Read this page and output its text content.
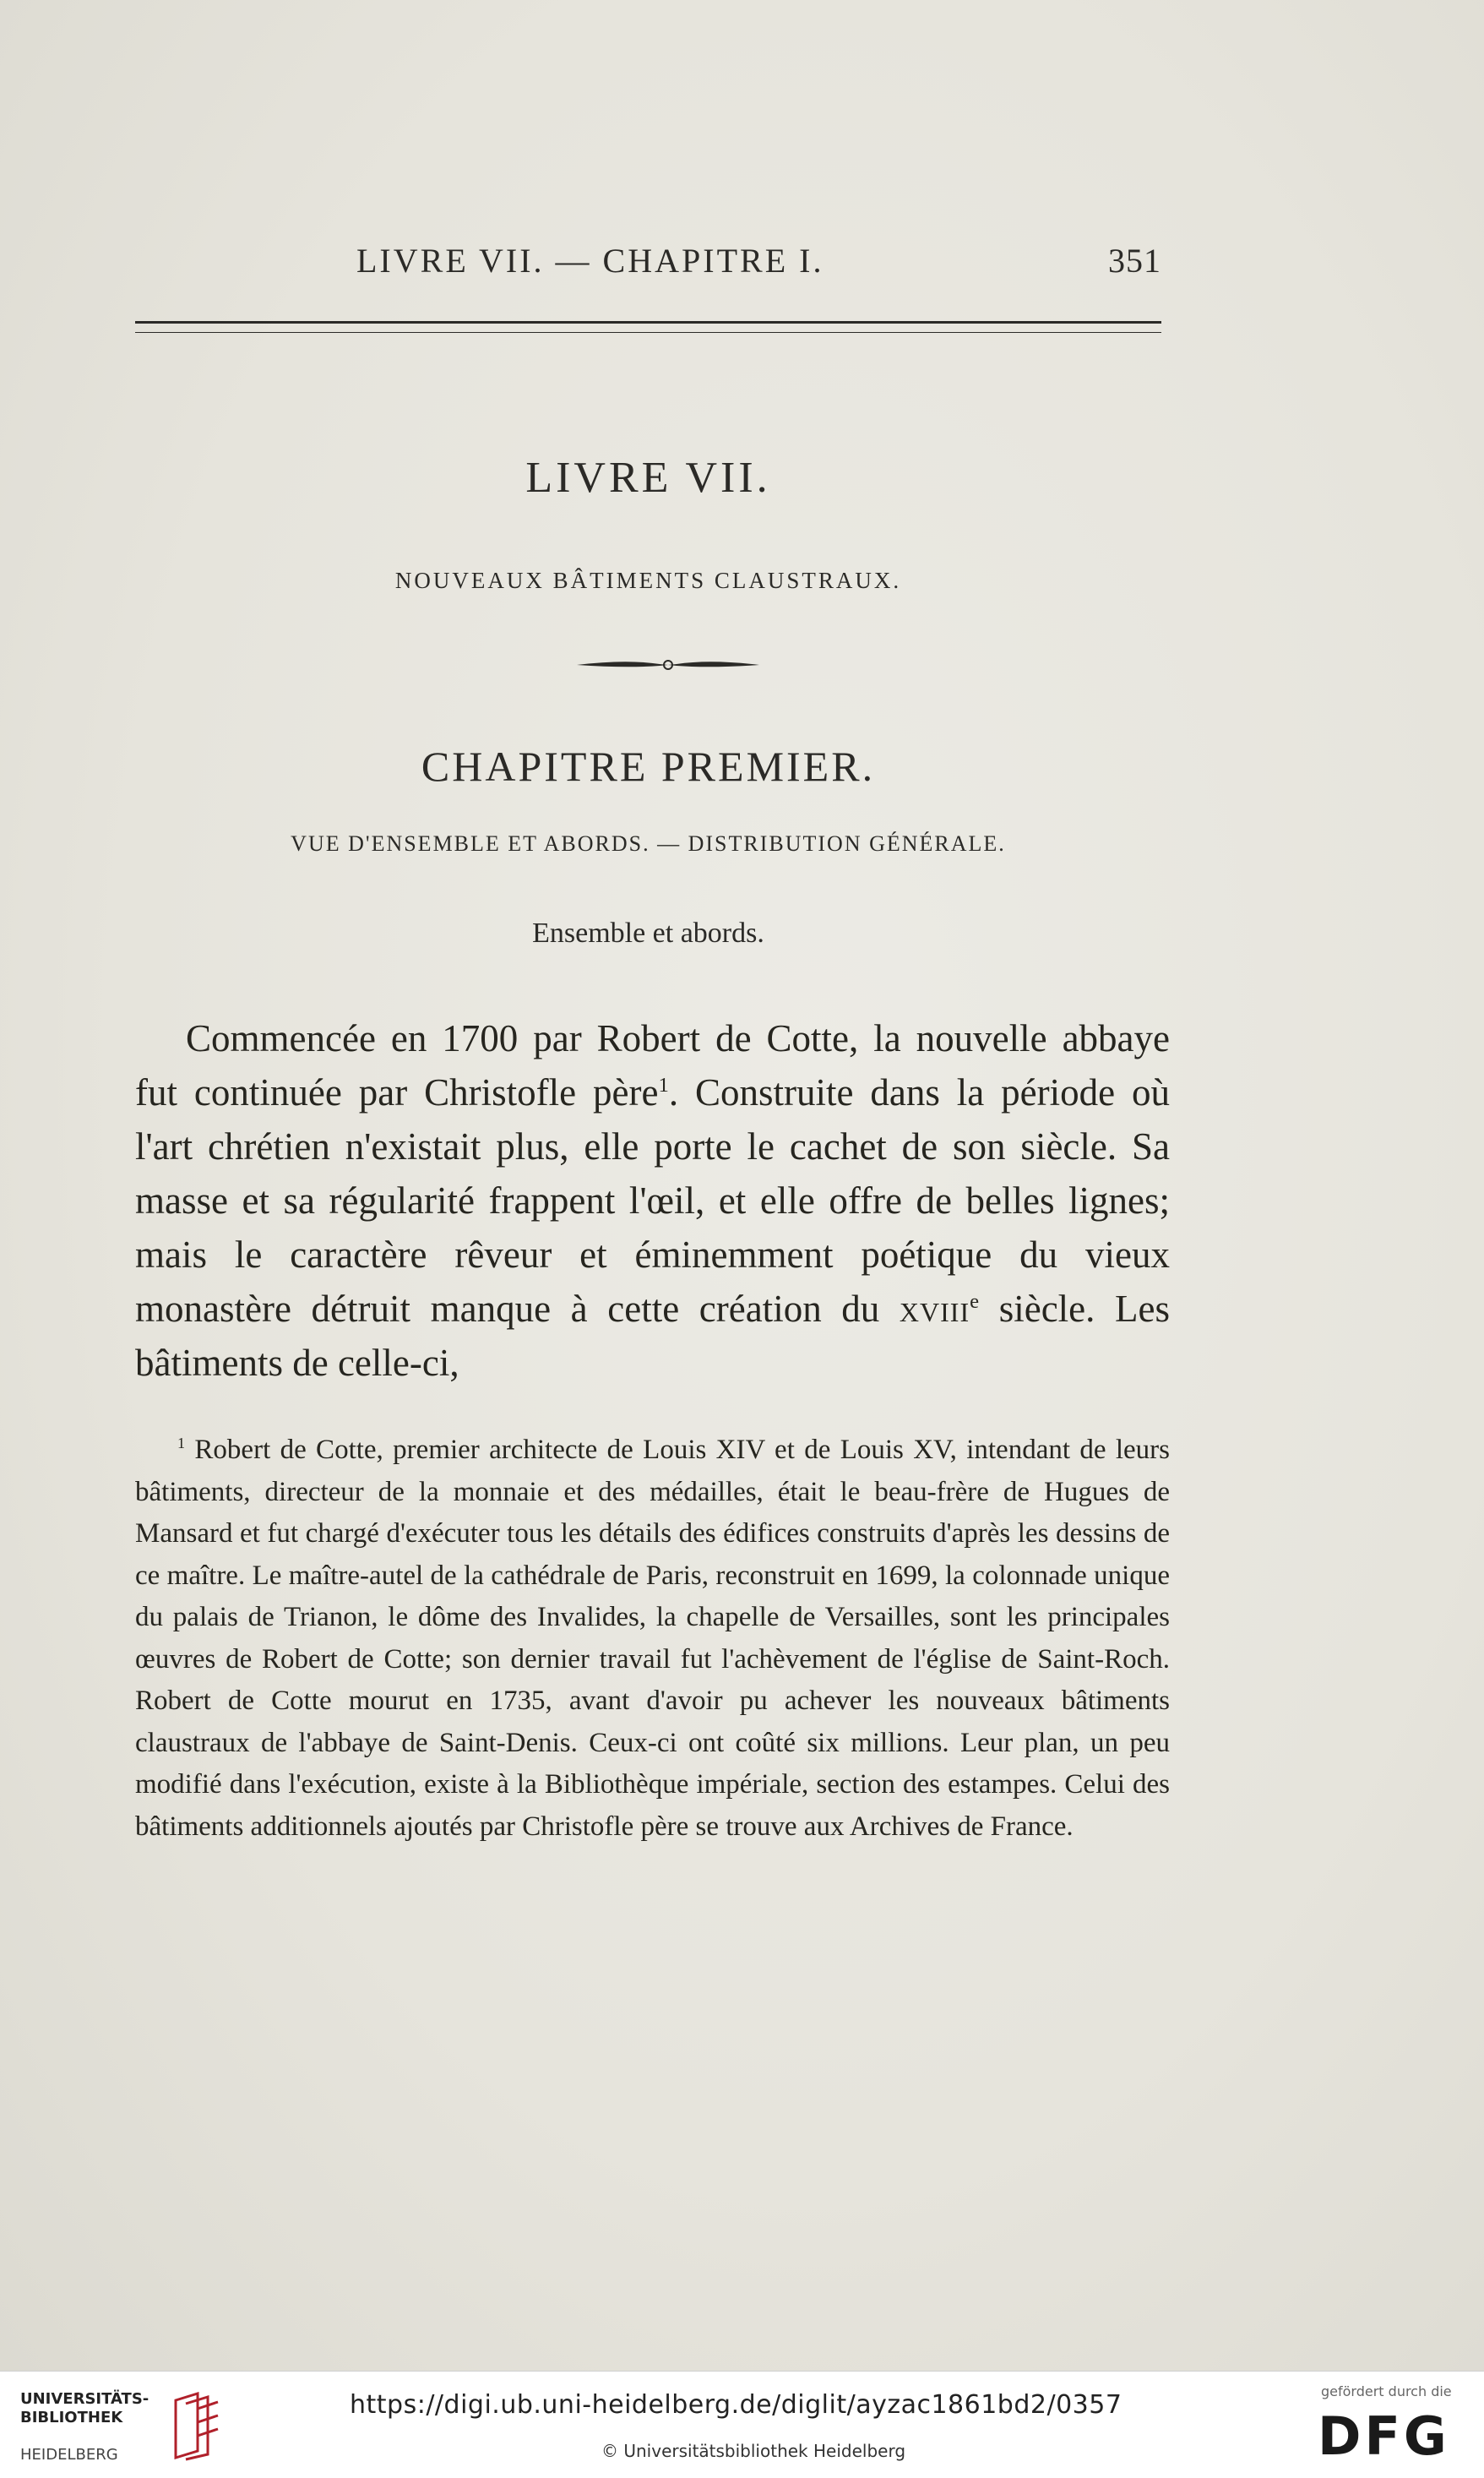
LIVRE VII. — CHAPITRE I.	351
LIVRE VII.
NOUVEAUX BÂTIMENTS CLAUSTRAUX.
CHAPITRE PREMIER.
VUE D'ENSEMBLE ET ABORDS. — DISTRIBUTION GÉNÉRALE.
Ensemble et abords.

Commencée en 1700 par Robert de Cotte, la nouvelle abbaye fut continuée par Christofle père$^1$. Construite dans la période où l'art chrétien n'existait plus, elle porte le cachet de son siècle. Sa masse et sa régularité frappent l'œil, et elle offre de belles lignes; mais le caractère rêveur et éminemment poétique du vieux monastère détruit manque à cette création du xviii$^e$ siècle. Les bâtiments de celle-ci,

$^1$ Robert de Cotte, premier architecte de Louis XIV et de Louis XV, intendant de leurs bâtiments, directeur de la monnaie et des médailles, était le beau-frère de Hugues de Mansard et fut chargé d'exécuter tous les détails des édifices construits d'après les dessins de ce maître. Le maître-autel de la cathédrale de Paris, reconstruit en 1699, la colonnade unique du palais de Trianon, le dôme des Invalides, la chapelle de Versailles, sont les principales œuvres de Robert de Cotte; son dernier travail fut l'achèvement de l'église de Saint-Roch. Robert de Cotte mourut en 1735, avant d'avoir pu achever les nouveaux bâtiments claustraux de l'abbaye de Saint-Denis. Ceux-ci ont coûté six millions. Leur plan, un peu modifié dans l'exécution, existe à la Bibliothèque impériale, section des estampes. Celui des bâtiments additionnels ajoutés par Christofle père se trouve aux Archives de France.

UNIVERSITÄTS-
BIBLIOTHEK
HEIDELBERG
https://digi.ub.uni-heidelberg.de/diglit/ayzac1861bd2/0357
© Universitätsbibliothek Heidelberg
gefördert durch die
DFG
